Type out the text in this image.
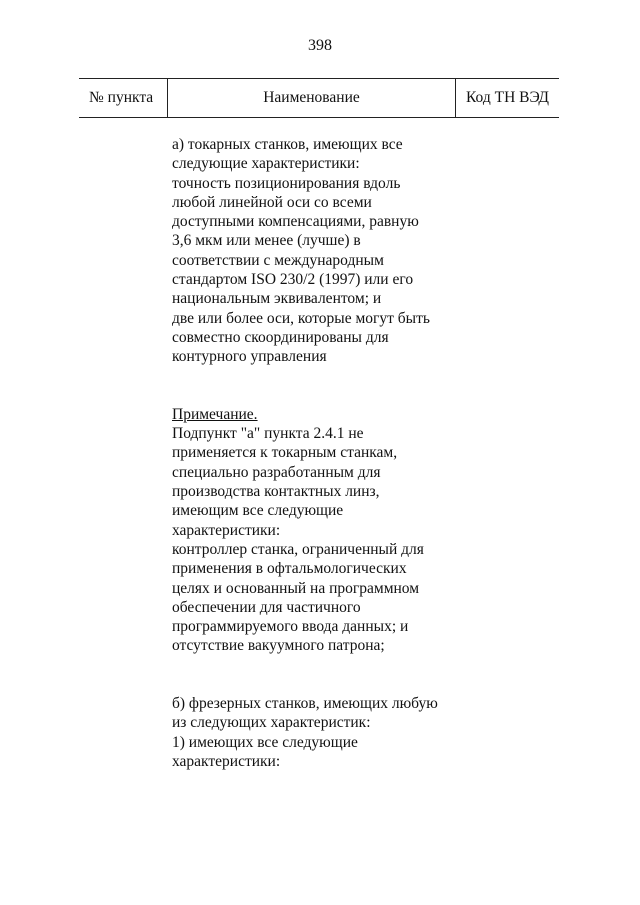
398
№ пункта	Наименование	Код ТН ВЭД

а) токарных станков, имеющих все
следующие характеристики:
точность позиционирования вдоль
любой линейной оси со всеми
доступными компенсациями, равную
3,6 мкм или менее (лучше) в
соответствии с международным
стандартом ISO 230/2 (1997) или его
национальным эквивалентом; и
две или более оси, которые могут быть
совместно скоординированы для
контурного управления

Примечание.

Подпункт "а" пункта 2.4.1 не
применяется к токарным станкам,
специально разработанным для
производства контактных линз,
имеющим все следующие
характеристики:
контроллер станка, ограниченный для
применения в офтальмологических
целях и основанный на программном
обеспечении для частичного
программируемого ввода данных; и
отсутствие вакуумного патрона;

б) фрезерных станков, имеющих любую
из следующих характеристик:
1) имеющих все следующие
характеристики:
